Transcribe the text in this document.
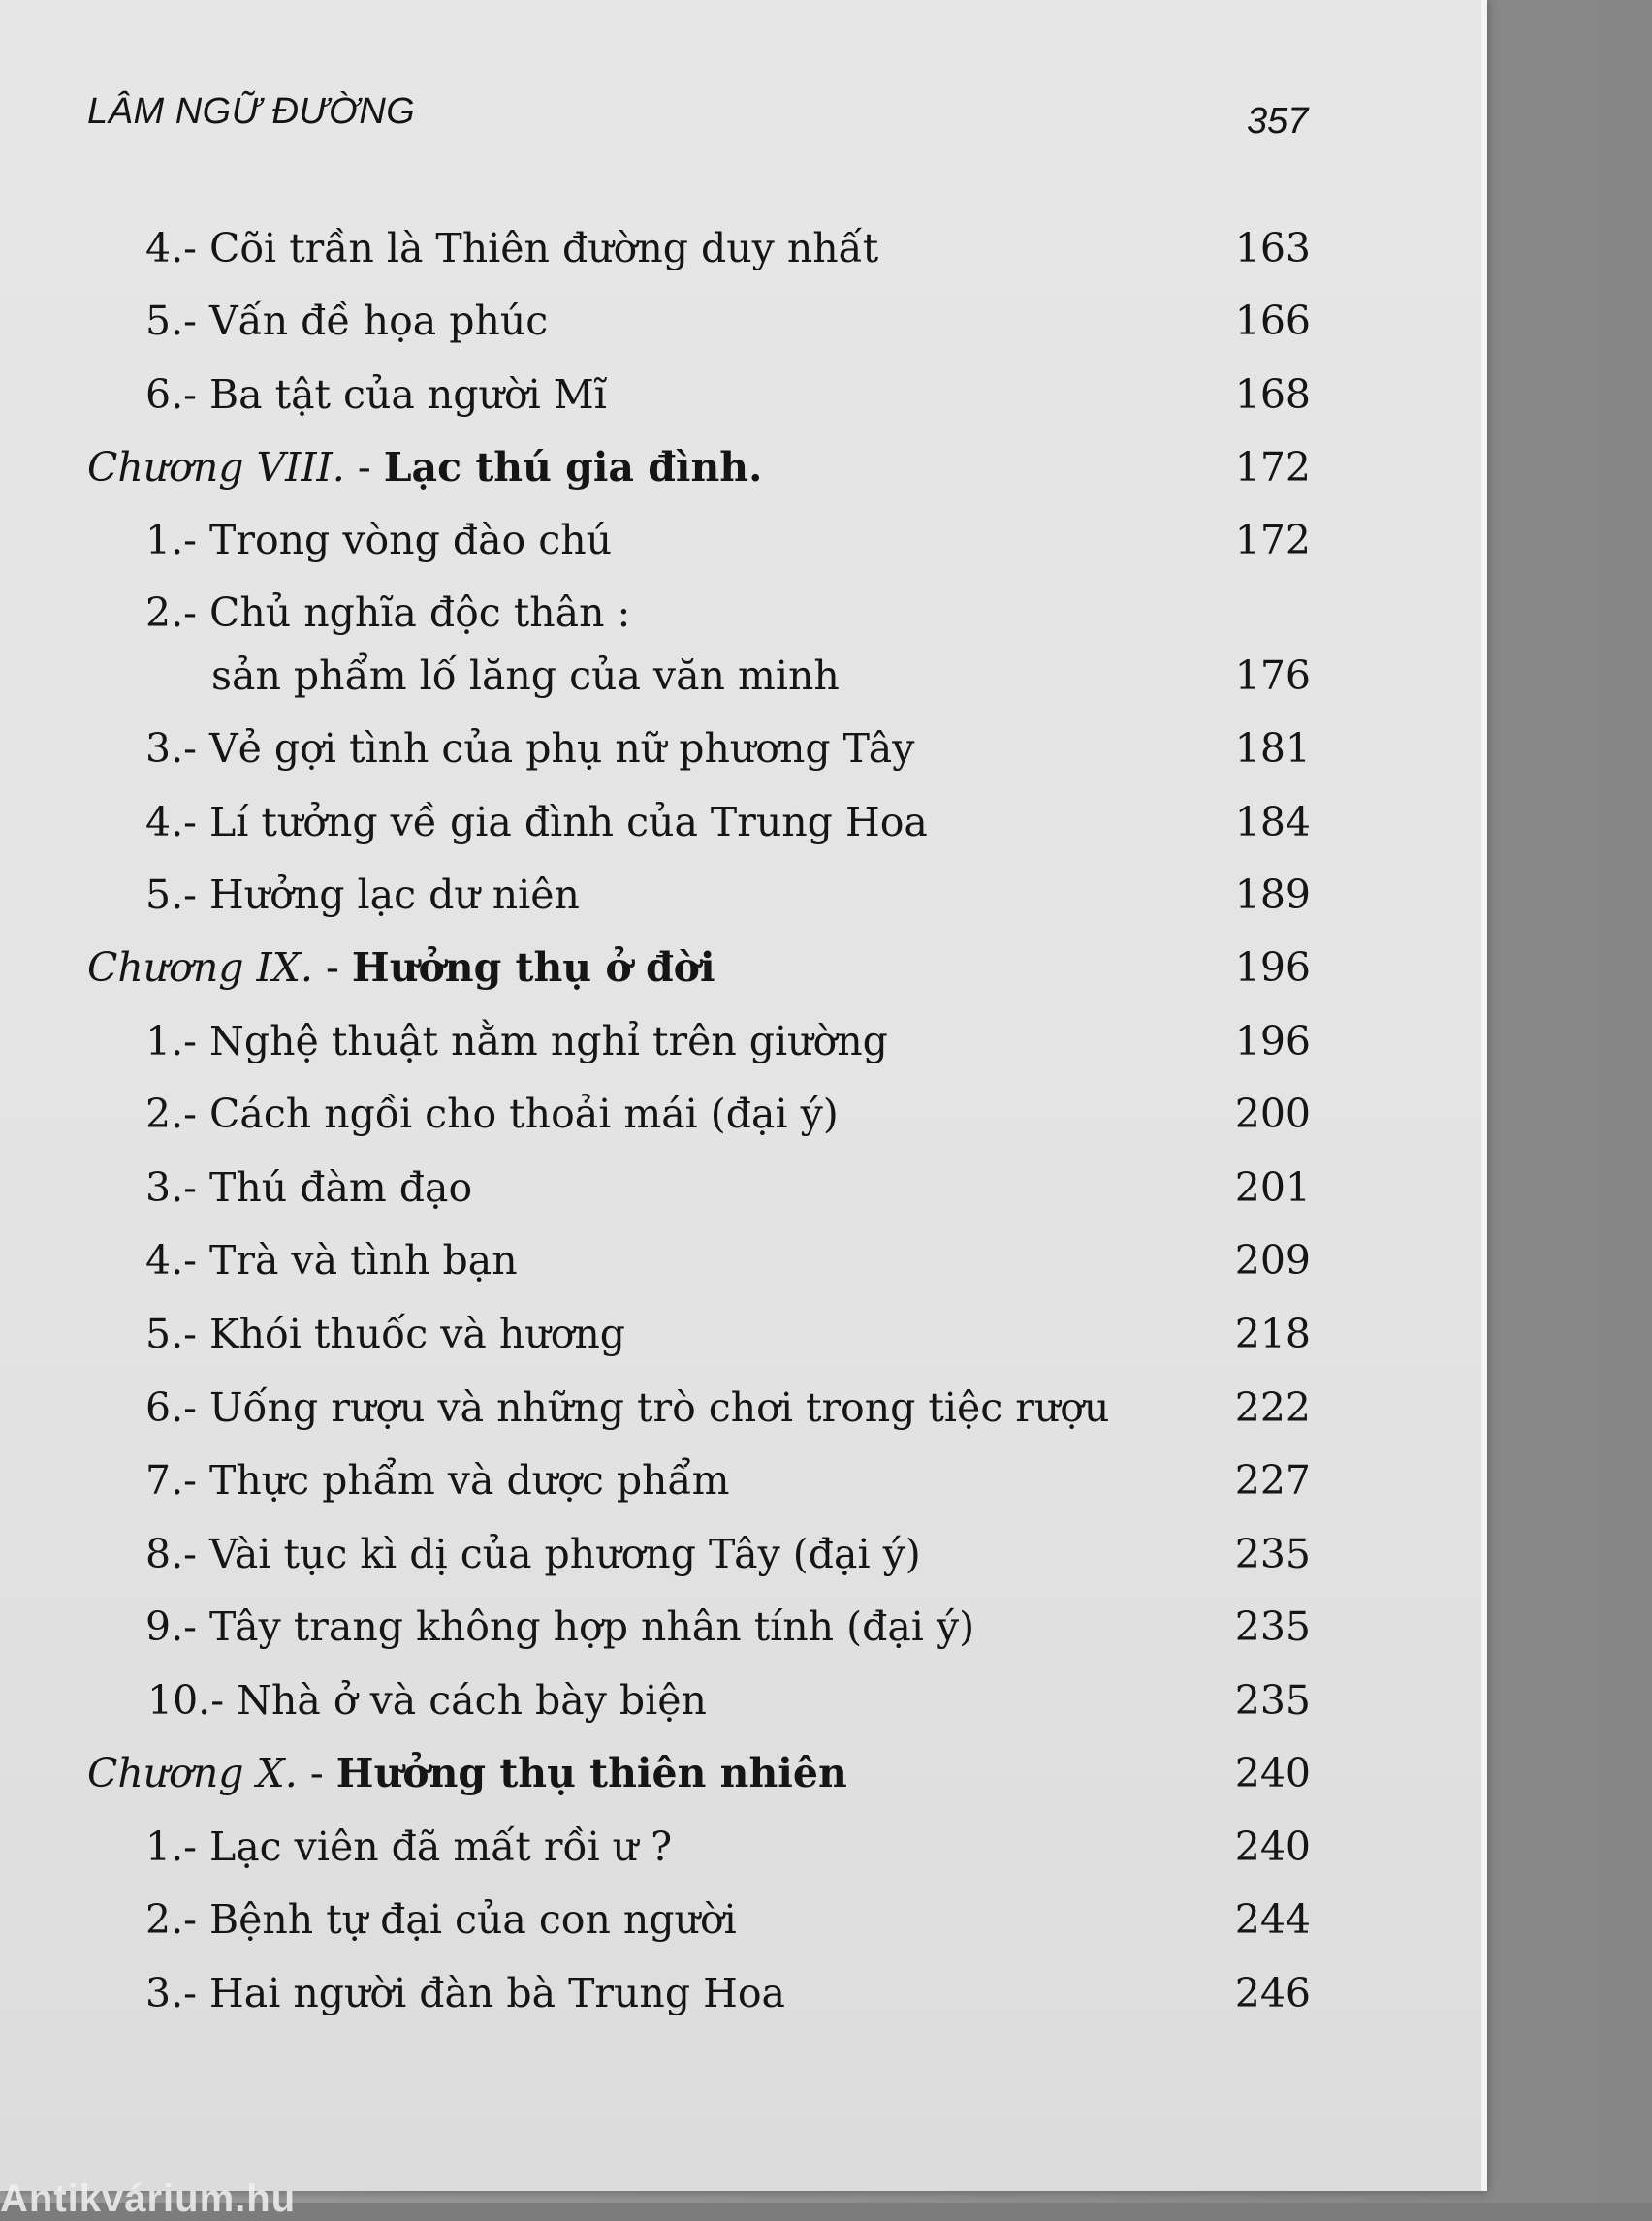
LÂM NGỮ ĐƯỜNG	357
4.- Cõi trần là Thiên đường duy nhất	163
5.- Vấn đề họa phúc	166
6.- Ba tật của người Mĩ	168
Chương VIII. - Lạc thú gia đình.	172
1.- Trong vòng đào chú	172
2.- Chủ nghĩa độc thân :
sản phẩm lố lăng của văn minh	176
3.- Vẻ gợi tình của phụ nữ phương Tây	181
4.- Lí tưởng về gia đình của Trung Hoa	184
5.- Hưởng lạc dư niên	189
Chương IX. - Hưởng thụ ở đời	196
1.- Nghệ thuật nằm nghỉ trên giường	196
2.- Cách ngồi cho thoải mái (đại ý)	200
3.- Thú đàm đạo	201
4.- Trà và tình bạn	209
5.- Khói thuốc và hương	218
6.- Uống rượu và những trò chơi trong tiệc rượu	222
7.- Thực phẩm và dược phẩm	227
8.- Vài tục kì dị của phương Tây (đại ý)	235
9.- Tây trang không hợp nhân tính (đại ý)	235
10.- Nhà ở và cách bày biện	235
Chương X. - Hưởng thụ thiên nhiên	240
1.- Lạc viên đã mất rồi ư ?	240
2.- Bệnh tự đại của con người	244
3.- Hai người đàn bà Trung Hoa	246
Antikvárium.hu
